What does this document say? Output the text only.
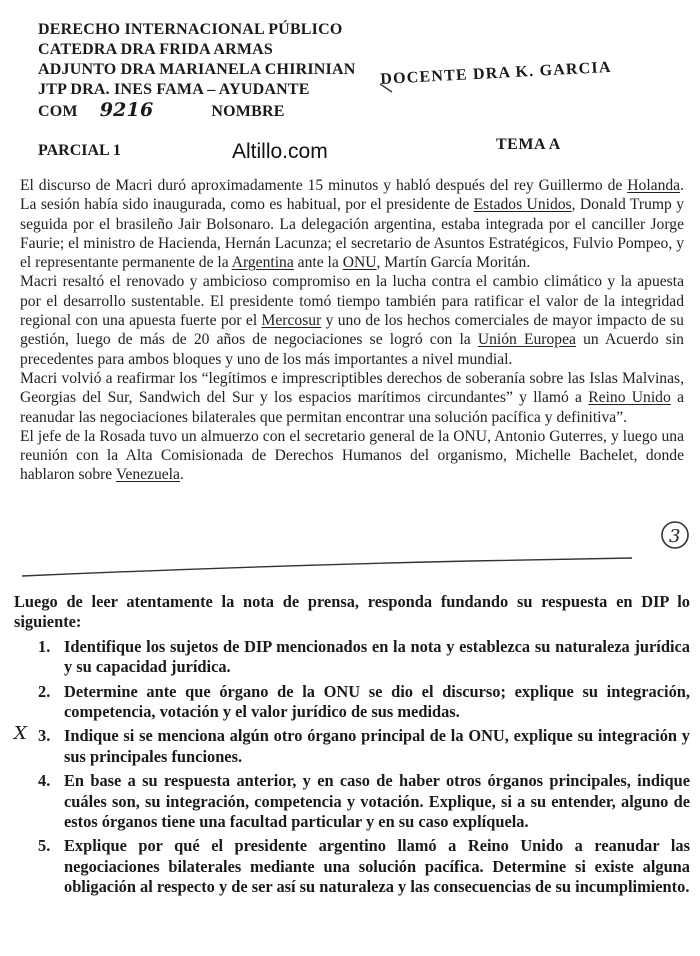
DERECHO INTERNACIONAL PÚBLICO
CATEDRA DRA FRIDA ARMAS
ADJUNTO DRA MARIANELA CHIRINIAN
JTP DRA. INES FAMA – AYUDANTE
COM 9216	NOMBRE
DOCENTE DRA K. GARCIA
PARCIAL 1	Altillo.com	TEMA A

El discurso de Macri duró aproximadamente 15 minutos y habló después del rey Guillermo de Holanda. La sesión había sido inaugurada, como es habitual, por el presidente de Estados Unidos, Donald Trump y seguida por el brasileño Jair Bolsonaro. La delegación argentina, estaba integrada por el canciller Jorge Faurie; el ministro de Hacienda, Hernán Lacunza; el secretario de Asuntos Estratégicos, Fulvio Pompeo, y el representante permanente de la Argentina ante la ONU, Martín García Moritán.

Macri resaltó el renovado y ambicioso compromiso en la lucha contra el cambio climático y la apuesta por el desarrollo sustentable. El presidente tomó tiempo también para ratificar el valor de la integridad regional con una apuesta fuerte por el Mercosur y uno de los hechos comerciales de mayor impacto de su gestión, luego de más de 20 años de negociaciones se logró con la Unión Europea un Acuerdo sin precedentes para ambos bloques y uno de los más importantes a nivel mundial.

Macri volvió a reafirmar los “legítimos e imprescriptibles derechos de soberanía sobre las Islas Malvinas, Georgias del Sur, Sandwich del Sur y los espacios marítimos circundantes” y llamó a Reino Unido a reanudar las negociaciones bilaterales que permitan encontrar una solución pacífica y definitiva”.

El jefe de la Rosada tuvo un almuerzo con el secretario general de la ONU, Antonio Guterres, y luego una reunión con la Alta Comisionada de Derechos Humanos del organismo, Michelle Bachelet, donde hablaron sobre Venezuela.

3

Luego de leer atentamente la nota de prensa, responda fundando su respuesta en DIP lo siguiente:

1. Identifique los sujetos de DIP mencionados en la nota y establezca su naturaleza jurídica y su capacidad jurídica.
2. Determine ante que órgano de la ONU se dio el discurso; explique su integración, competencia, votación y el valor jurídico de sus medidas.
X 3. Indique si se menciona algún otro órgano principal de la ONU, explique su integración y sus principales funciones.
4. En base a su respuesta anterior, y en caso de haber otros órganos principales, indique cuáles son, su integración, competencia y votación. Explique, si a su entender, alguno de estos órganos tiene una facultad particular y en su caso explíquela.
5. Explique por qué el presidente argentino llamó a Reino Unido a reanudar las negociaciones bilaterales mediante una solución pacífica. Determine si existe alguna obligación al respecto y de ser así su naturaleza y las consecuencias de su incumplimiento.
